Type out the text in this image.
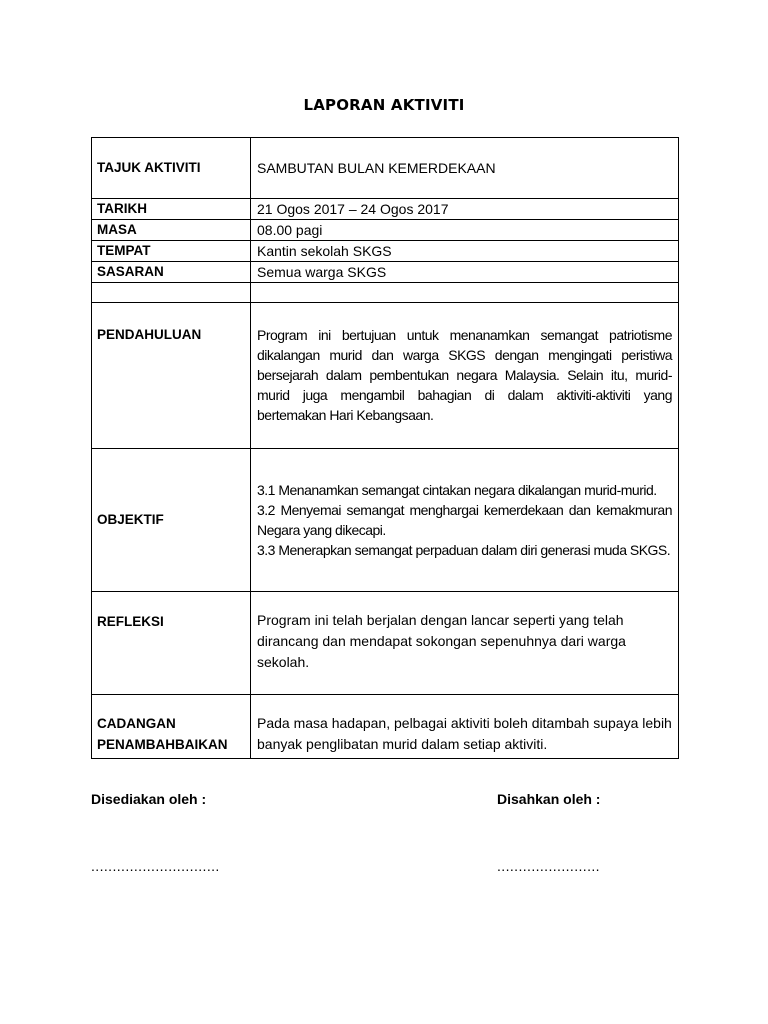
LAPORAN AKTIVITI
TAJUK AKTIVITI	SAMBUTAN BULAN KEMERDEKAAN
TARIKH	21 Ogos 2017 – 24 Ogos 2017
MASA	08.00 pagi
TEMPAT	Kantin sekolah SKGS
SASARAN	Semua warga SKGS

PENDAHULUAN	Program ini bertujuan untuk menanamkan semangat patriotisme dikalangan murid dan warga SKGS dengan mengingati peristiwa bersejarah dalam pembentukan negara Malaysia. Selain itu, murid-murid juga mengambil bahagian di dalam aktiviti-aktiviti yang bertemakan Hari Kebangsaan.
OBJEKTIF	3.1 Menanamkan semangat cintakan negara dikalangan murid-murid.
3.2 Menyemai semangat menghargai kemerdekaan dan kemakmuran Negara yang dikecapi.
3.3 Menerapkan semangat perpaduan dalam diri generasi muda SKGS.

REFLEKSI	Program ini telah berjalan dengan lancar seperti yang telah dirancang dan mendapat sokongan sepenuhnya dari warga sekolah.

CADANGAN
PENAMBAHBAIKAN	Pada masa hadapan, pelbagai aktiviti boleh ditambah supaya lebih banyak penglibatan murid dalam setiap aktiviti.
Disediakan oleh :	Disahkan oleh :
..............................	........................
